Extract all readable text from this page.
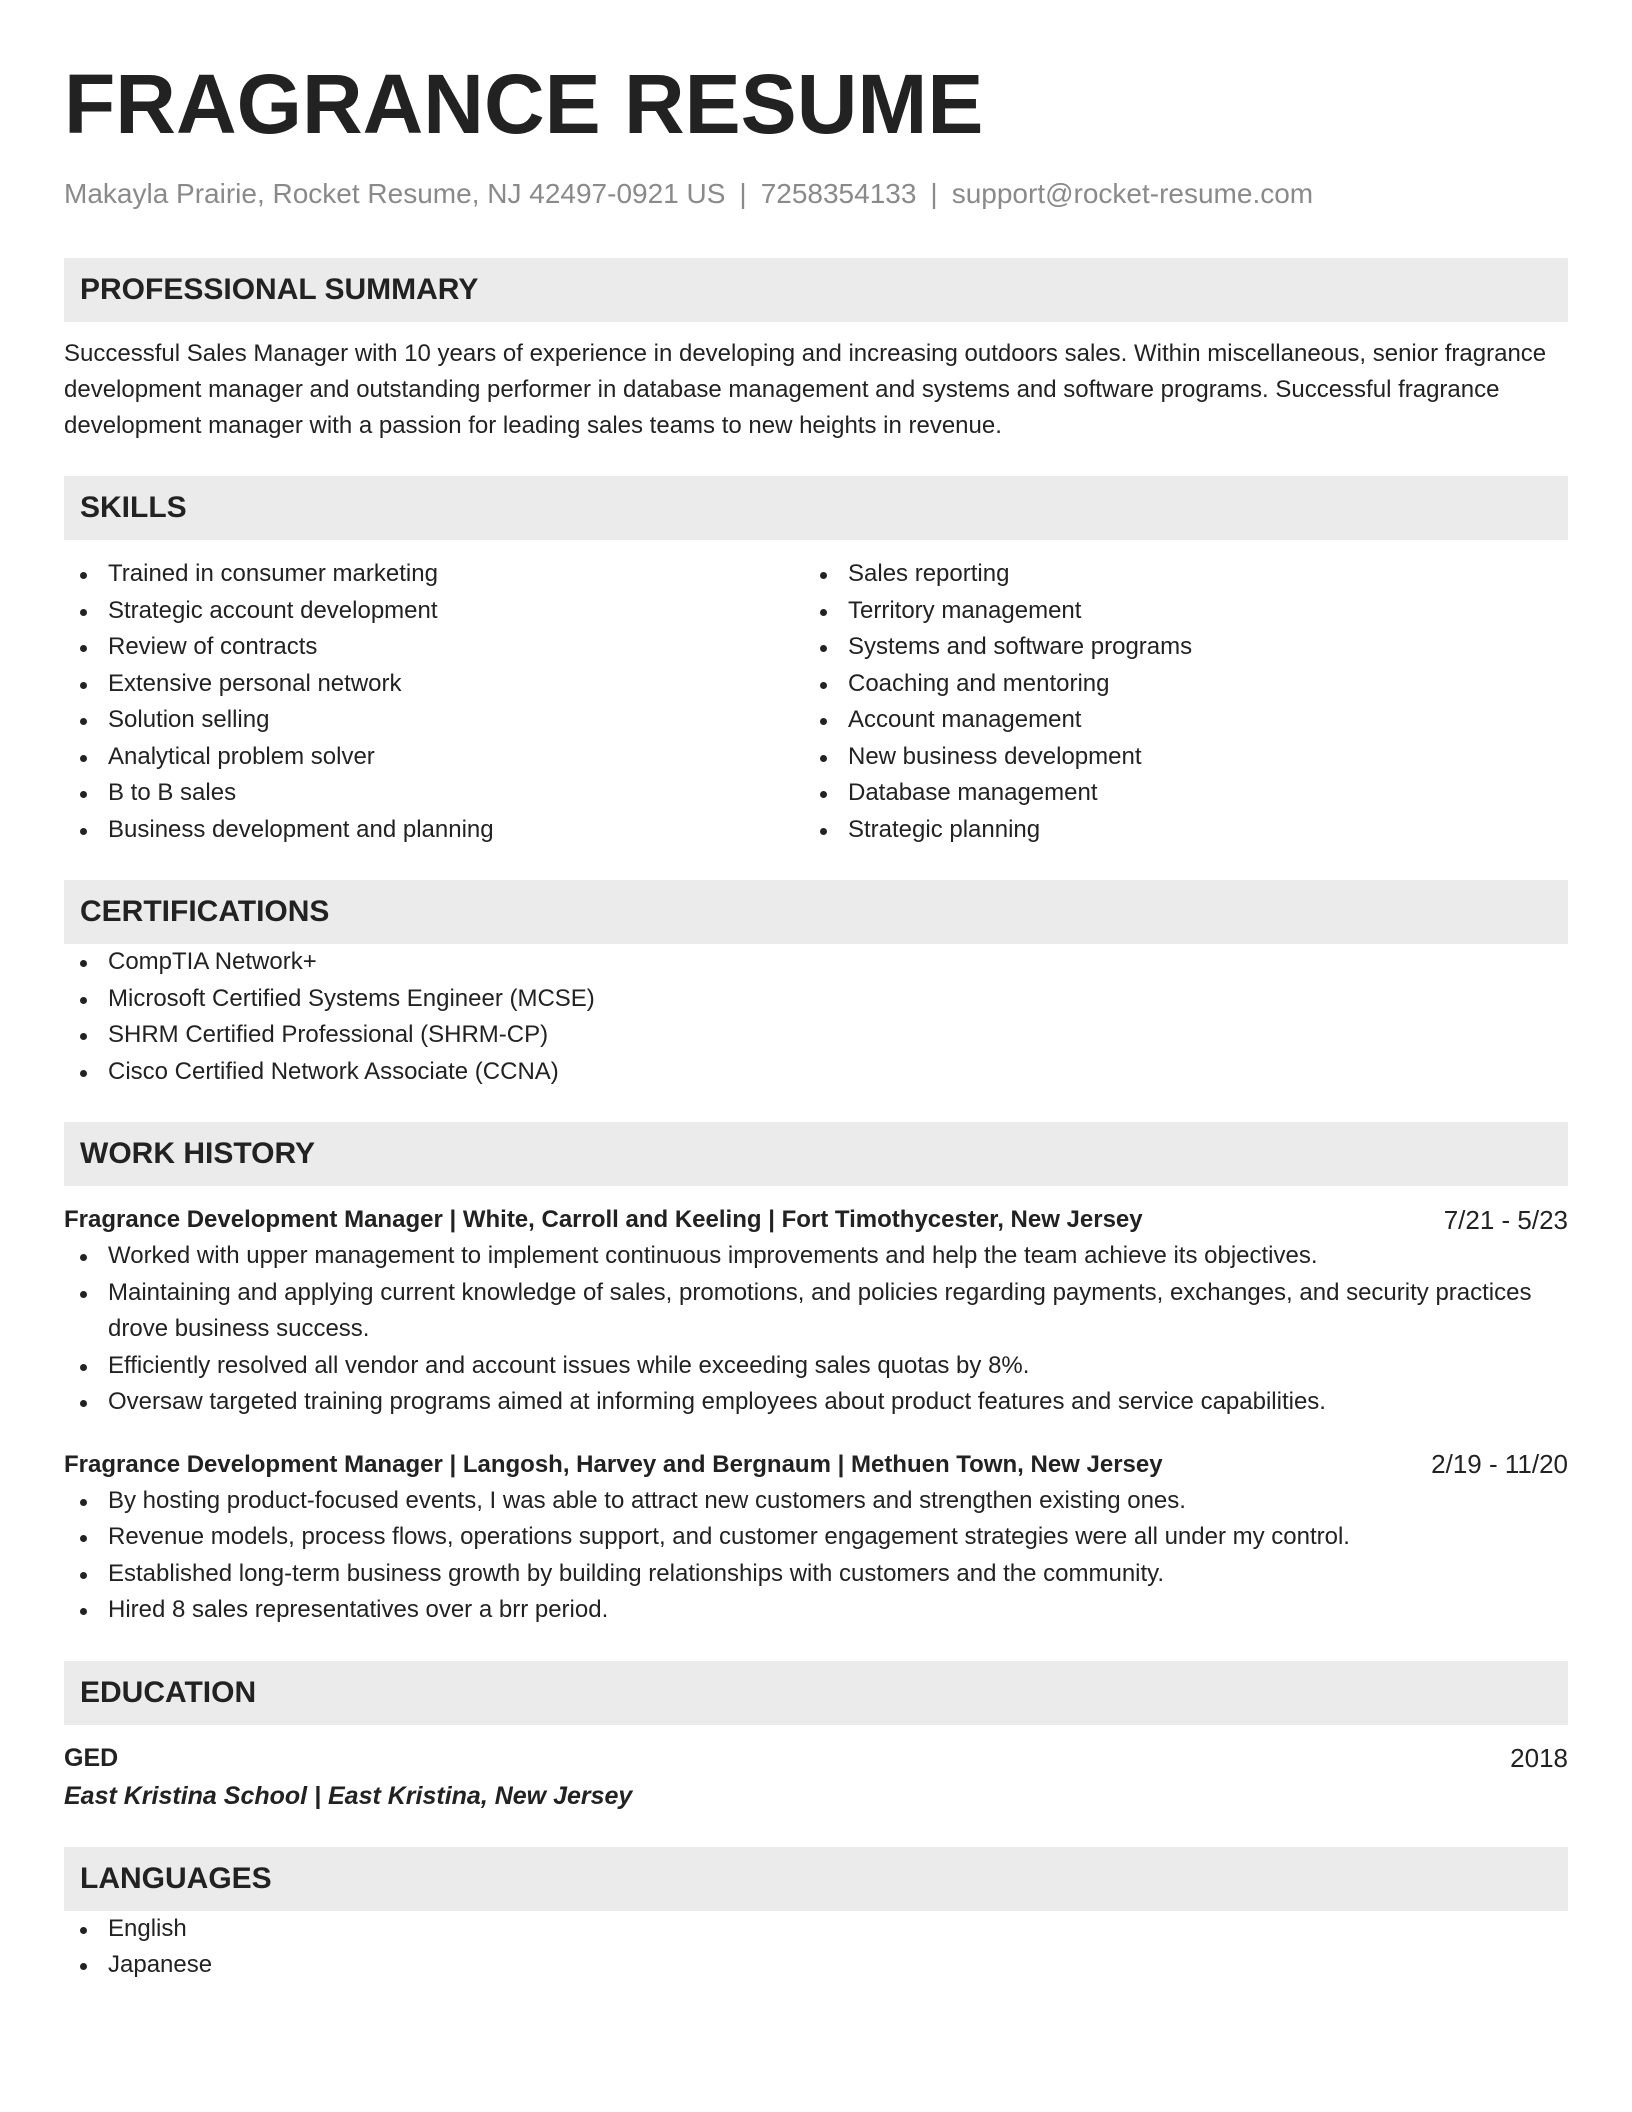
FRAGRANCE RESUME
Makayla Prairie, Rocket Resume, NJ 42497-0921 US | 7258354133 | support@rocket-resume.com
PROFESSIONAL SUMMARY
Successful Sales Manager with 10 years of experience in developing and increasing outdoors sales. Within miscellaneous, senior fragrance development manager and outstanding performer in database management and systems and software programs. Successful fragrance development manager with a passion for leading sales teams to new heights in revenue.
SKILLS
Trained in consumer marketing
Strategic account development
Review of contracts
Extensive personal network
Solution selling
Analytical problem solver
B to B sales
Business development and planning
Sales reporting
Territory management
Systems and software programs
Coaching and mentoring
Account management
New business development
Database management
Strategic planning
CERTIFICATIONS
CompTIA Network+
Microsoft Certified Systems Engineer (MCSE)
SHRM Certified Professional (SHRM-CP)
Cisco Certified Network Associate (CCNA)
WORK HISTORY
Fragrance Development Manager | White, Carroll and Keeling | Fort Timothycester, New Jersey	7/21 - 5/23
Worked with upper management to implement continuous improvements and help the team achieve its objectives.
Maintaining and applying current knowledge of sales, promotions, and policies regarding payments, exchanges, and security practices drove business success.
Efficiently resolved all vendor and account issues while exceeding sales quotas by 8%.
Oversaw targeted training programs aimed at informing employees about product features and service capabilities.
Fragrance Development Manager | Langosh, Harvey and Bergnaum | Methuen Town, New Jersey	2/19 - 11/20
By hosting product-focused events, I was able to attract new customers and strengthen existing ones.
Revenue models, process flows, operations support, and customer engagement strategies were all under my control.
Established long-term business growth by building relationships with customers and the community.
Hired 8 sales representatives over a brr period.
EDUCATION
GED	2018
East Kristina School | East Kristina, New Jersey
LANGUAGES
English
Japanese
